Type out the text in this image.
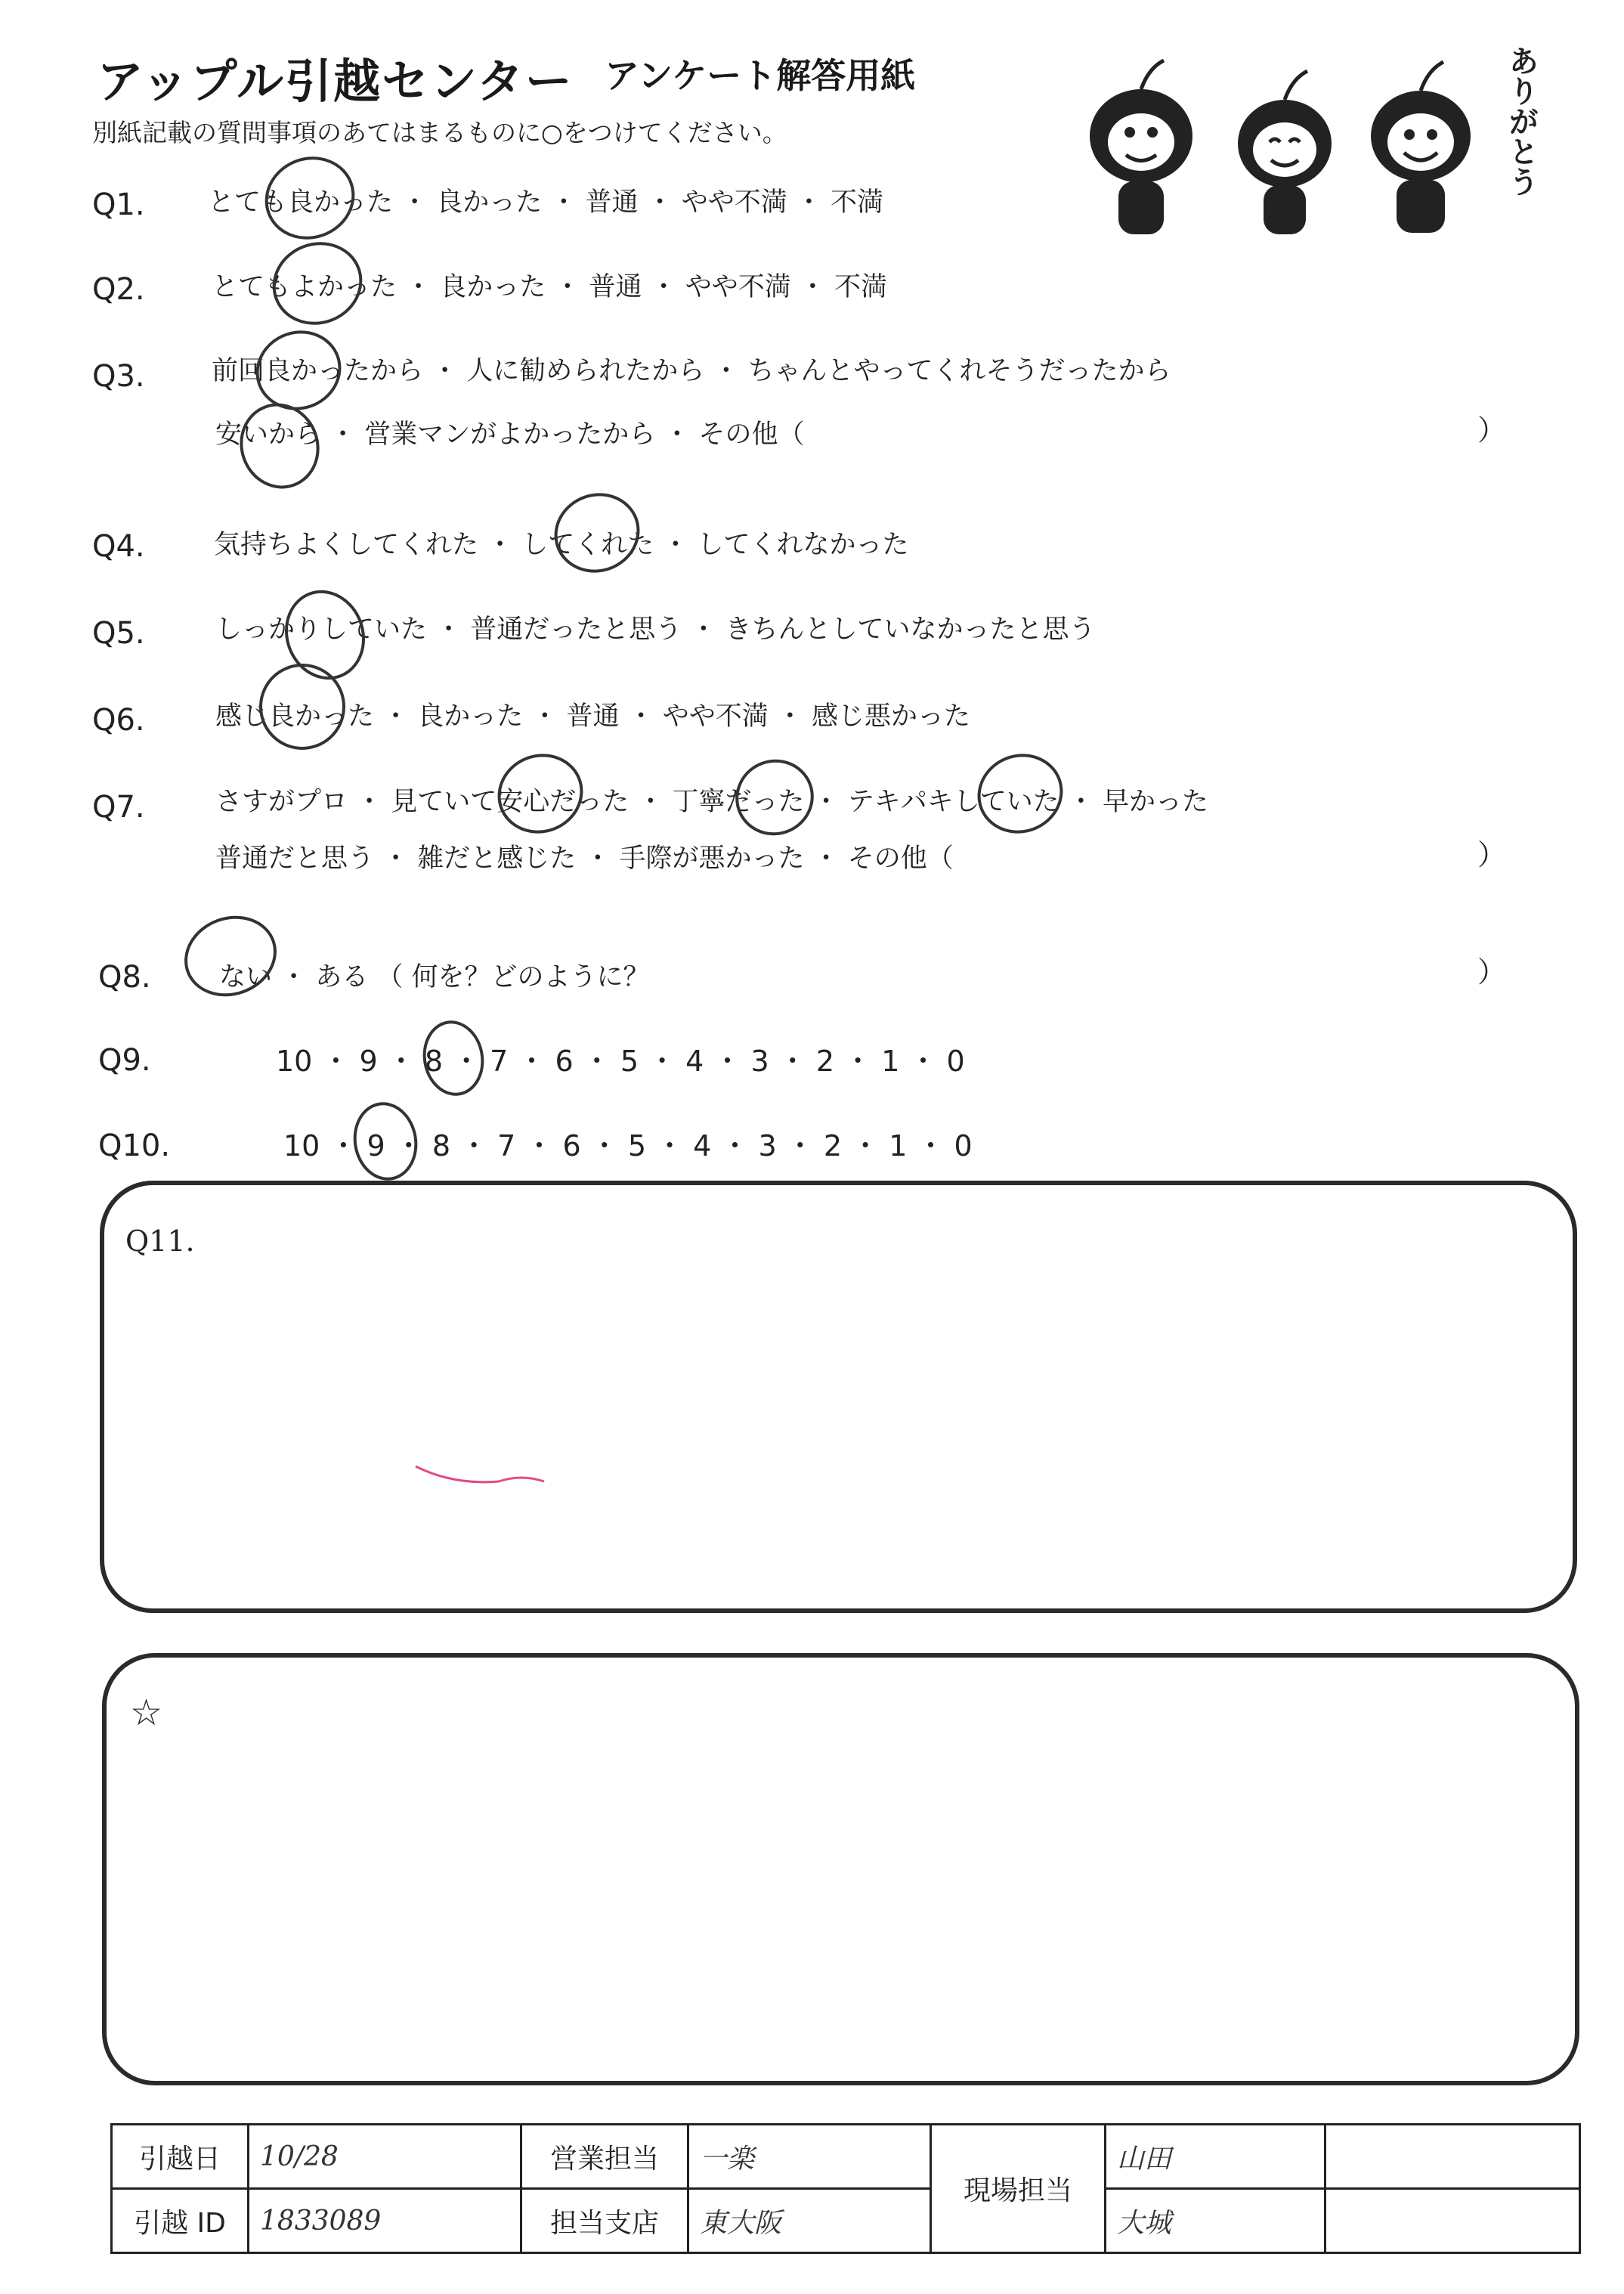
アップル引越センター アンケート解答用紙
別紙記載の質問事項のあてはまるものに○をつけてください。	ありがとう
Q1. とても良かった ・ 良かった ・ 普通 ・ やや不満 ・ 不満
Q2.	とてもよかった ・ 良かった ・ 普通 ・ やや不満 ・ 不満
Q3.	前回良かったから ・ 人に勧められたから ・ ちゃんとやってくれそうだったから
安いから ・ 営業マンがよかったから ・ その他（	）
Q4.	気持ちよくしてくれた ・ してくれた ・ してくれなかった
Q5.	しっかりしていた ・ 普通だったと思う ・ きちんとしていなかったと思う
Q6.	感じ良かった ・ 良かった ・ 普通 ・ やや不満 ・ 感じ悪かった
Q7.	さすがプロ ・ 見ていて安心だった ・ 丁寧だった ・ テキパキしていた ・ 早かった
普通だと思う ・ 雑だと感じた ・ 手際が悪かった ・ その他（	）
Q8.	ない ・ ある （ 何を？どのように？	）
Q9.	10 ・ 9 ・ 8 ・ 7 ・ 6 ・ 5 ・ 4 ・ 3 ・ 2 ・ 1 ・ 0
Q10.	10 ・ 9 ・ 8 ・ 7 ・ 6 ・ 5 ・ 4 ・ 3 ・ 2 ・ 1 ・ 0
Q11.
☆
引越日	10/28	営業担当	一楽	現場担当	山田	
引越 ID	1833089	担当支店	東大阪		大城	
